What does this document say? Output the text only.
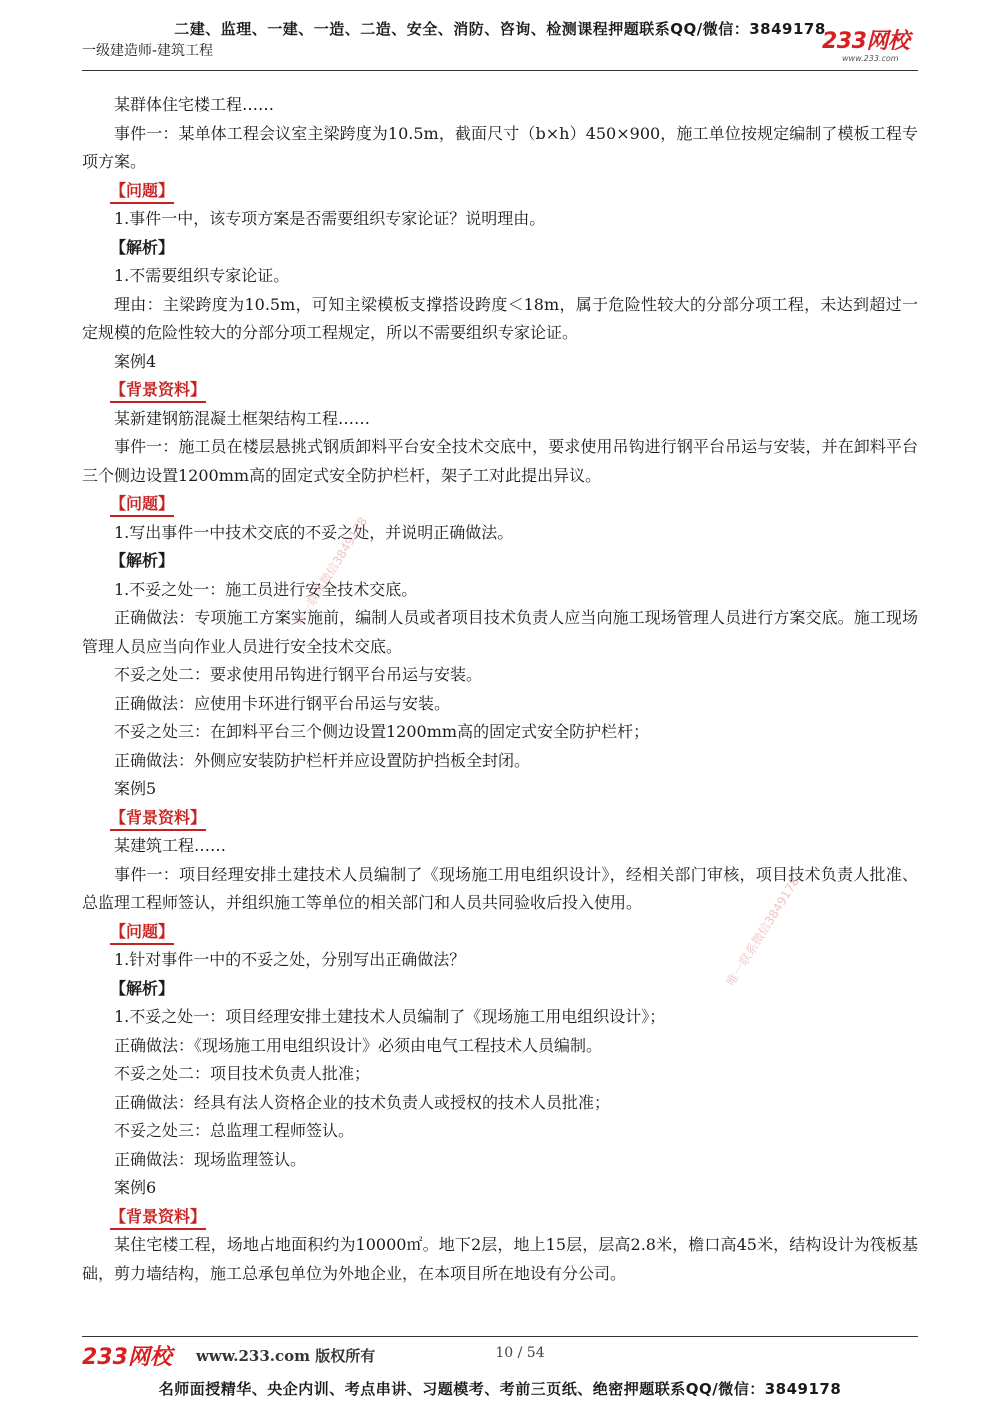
二建、监理、一建、一造、二造、安全、消防、咨询、检测课程押题联系QQ/微信：3849178
一级建造师-建筑工程	233网校
www.233.com
某群体住宅楼工程……
事件一：某单体工程会议室主梁跨度为10.5m，截面尺寸（b×h）450×900，施工单位按规定编制了模板工程专项方案。
【问题】
1.事件一中，该专项方案是否需要组织专家论证？说明理由。
【解析】
1.不需要组织专家论证。
理由：主梁跨度为10.5m，可知主梁模板支撑搭设跨度＜18m，属于危险性较大的分部分项工程，未达到超过一定规模的危险性较大的分部分项工程规定，所以不需要组织专家论证。
案例4
【背景资料】
某新建钢筋混凝土框架结构工程……
事件一：施工员在楼层悬挑式钢质卸料平台安全技术交底中，要求使用吊钩进行钢平台吊运与安装，并在卸料平台三个侧边设置1200mm高的固定式安全防护栏杆，架子工对此提出异议。
【问题】
1.写出事件一中技术交底的不妥之处，并说明正确做法。
【解析】
1.不妥之处一：施工员进行安全技术交底。
正确做法：专项施工方案实施前，编制人员或者项目技术负责人应当向施工现场管理人员进行方案交底。施工现场管理人员应当向作业人员进行安全技术交底。
不妥之处二：要求使用吊钩进行钢平台吊运与安装。
正确做法：应使用卡环进行钢平台吊运与安装。
不妥之处三：在卸料平台三个侧边设置1200mm高的固定式安全防护栏杆；
正确做法：外侧应安装防护栏杆并应设置防护挡板全封闭。
案例5
【背景资料】
某建筑工程……
事件一：项目经理安排土建技术人员编制了《现场施工用电组织设计》，经相关部门审核，项目技术负责人批准、总监理工程师签认，并组织施工等单位的相关部门和人员共同验收后投入使用。
【问题】
1.针对事件一中的不妥之处，分别写出正确做法？
【解析】
1.不妥之处一：项目经理安排土建技术人员编制了《现场施工用电组织设计》；
正确做法：《现场施工用电组织设计》必须由电气工程技术人员编制。
不妥之处二：项目技术负责人批准；
正确做法：经具有法人资格企业的技术负责人或授权的技术人员批准；
不妥之处三：总监理工程师签认。
正确做法：现场监理签认。
案例6
【背景资料】
某住宅楼工程，场地占地面积约为10000㎡。地下2层，地上15层，层高2.8米，檐口高45米，结构设计为筏板基础，剪力墙结构，施工总承包单位为外地企业，在本项目所在地设有分公司。
唯一联系微信3849178
唯一联系微信3849178
233网校 www.233.com 版权所有	10 / 54
名师面授精华、央企内训、考点串讲、习题模考、考前三页纸、绝密押题联系QQ/微信：3849178
